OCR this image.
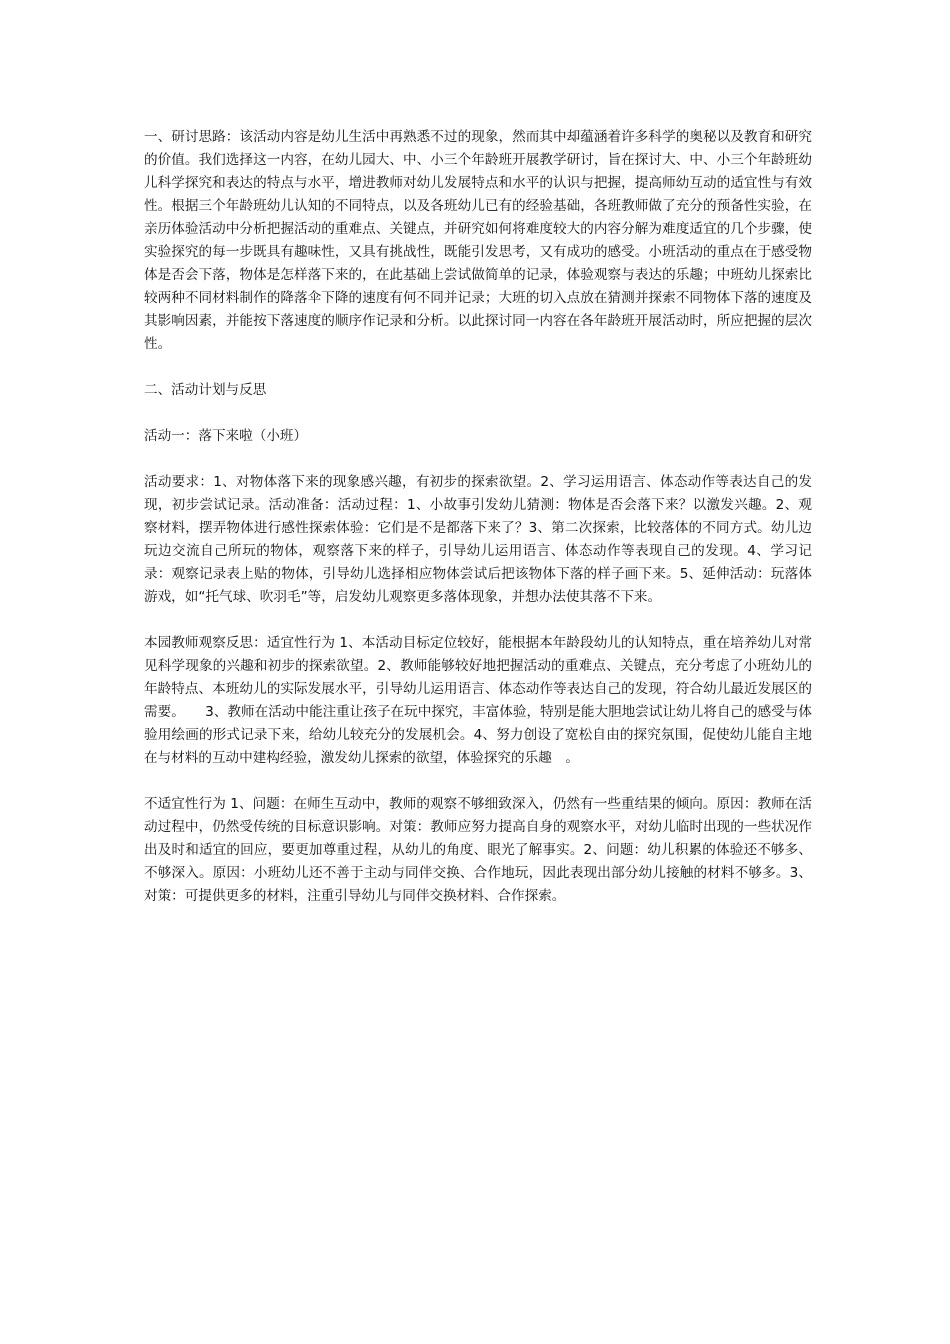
一、研讨思路：该活动内容是幼儿生活中再熟悉不过的现象，然而其中却蕴涵着许多科学的奥秘以及教育和研究的价值。我们选择这一内容，在幼儿园大、中、小三个年龄班开展教学研讨，旨在探讨大、中、小三个年龄班幼儿科学探究和表达的特点与水平，增进教师对幼儿发展特点和水平的认识与把握，提高师幼互动的适宜性与有效性。根据三个年龄班幼儿认知的不同特点，以及各班幼儿已有的经验基础，各班教师做了充分的预备性实验，在亲历体验活动中分析把握活动的重难点、关键点，并研究如何将难度较大的内容分解为难度适宜的几个步骤，使实验探究的每一步既具有趣味性，又具有挑战性，既能引发思考，又有成功的感受。小班活动的重点在于感受物体是否会下落，物体是怎样落下来的，在此基础上尝试做简单的记录，体验观察与表达的乐趣；中班幼儿探索比较两种不同材料制作的降落伞下降的速度有何不同并记录；大班的切入点放在猜测并探索不同物体下落的速度及其影响因素，并能按下落速度的顺序作记录和分析。以此探讨同一内容在各年龄班开展活动时，所应把握的层次性。

二、活动计划与反思

活动一：落下来啦（小班）

活动要求：1、对物体落下来的现象感兴趣，有初步的探索欲望。2、学习运用语言、体态动作等表达自己的发现，初步尝试记录。活动准备：活动过程：1、小故事引发幼儿猜测：物体是否会落下来？以激发兴趣。2、观察材料，摆弄物体进行感性探索体验：它们是不是都落下来了？3、第二次探索，比较落体的不同方式。幼儿边玩边交流自己所玩的物体，观察落下来的样子，引导幼儿运用语言、体态动作等表现自己的发现。4、学习记录：观察记录表上贴的物体，引导幼儿选择相应物体尝试后把该物体下落的样子画下来。5、延伸活动：玩落体游戏，如“托气球、吹羽毛”等，启发幼儿观察更多落体现象，并想办法使其落不下来。

本园教师观察反思：适宜性行为 1、本活动目标定位较好，能根据本年龄段幼儿的认知特点，重在培养幼儿对常见科学现象的兴趣和初步的探索欲望。2、教师能够较好地把握活动的重难点、关键点，充分考虑了小班幼儿的年龄特点、本班幼儿的实际发展水平，引导幼儿运用语言、体态动作等表达自己的发现，符合幼儿最近发展区的需要。　　3、教师在活动中能注重让孩子在玩中探究，丰富体验，特别是能大胆地尝试让幼儿将自己的感受与体验用绘画的形式记录下来，给幼儿较充分的发展机会。4、努力创设了宽松自由的探究氛围，促使幼儿能自主地在与材料的互动中建构经验，激发幼儿探索的欲望，体验探究的乐趣　。

不适宜性行为 1、问题：在师生互动中，教师的观察不够细致深入，仍然有一些重结果的倾向。原因：教师在活动过程中，仍然受传统的目标意识影响。对策：教师应努力提高自身的观察水平，对幼儿临时出现的一些状况作出及时和适宜的回应，要更加尊重过程，从幼儿的角度、眼光了解事实。2、问题：幼儿积累的体验还不够多、不够深入。原因：小班幼儿还不善于主动与同伴交换、合作地玩，因此表现出部分幼儿接触的材料不够多。3、 对策：可提供更多的材料，注重引导幼儿与同伴交换材料、合作探索。
